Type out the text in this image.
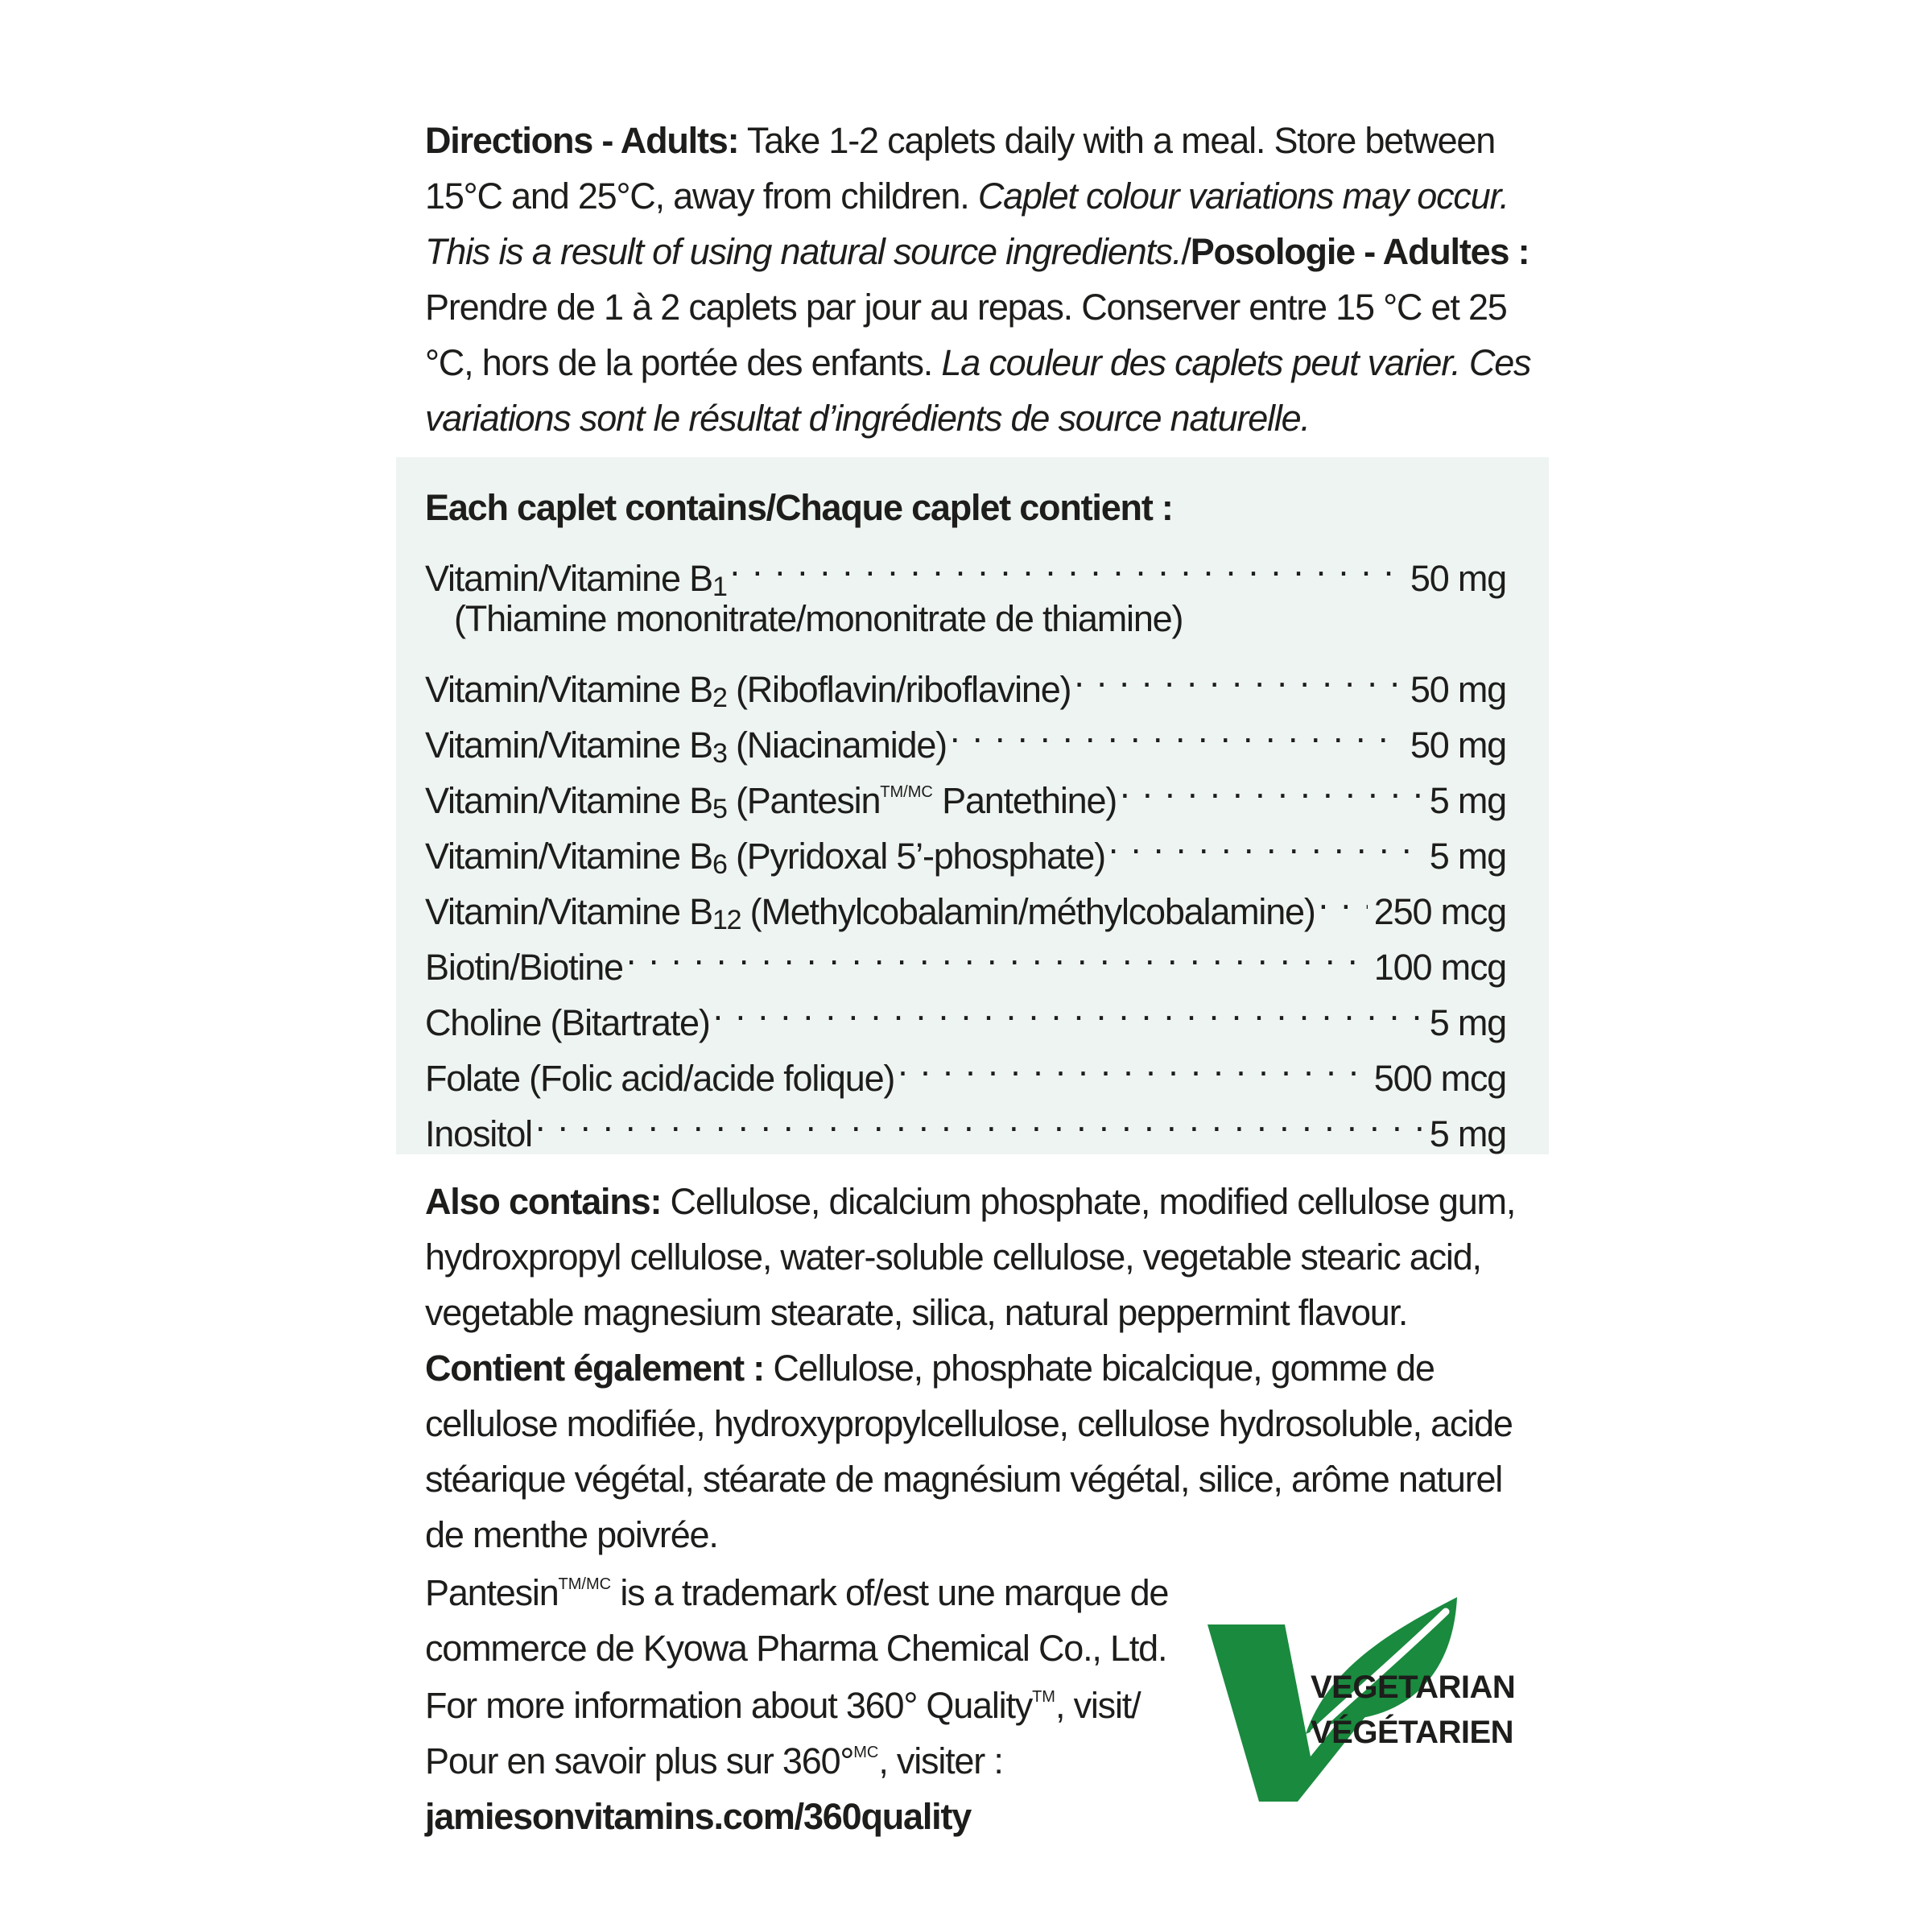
Directions - Adults: Take 1-2 caplets daily with a meal. Store between 15°C and 25°C, away from children. Caplet colour variations may occur. This is a result of using natural source ingredients./Posologie - Adultes : Prendre de 1 à 2 caplets par jour au repas. Conserver entre 15 °C et 25 °C, hors de la portée des enfants. La couleur des caplets peut varier. Ces variations sont le résultat d’ingrédients de source naturelle.

Each caplet contains/Chaque caplet contient :
Vitamin/Vitamine $B_1$ . . .	50 mg
(Thiamine mononitrate/mononitrate de thiamine)
Vitamin/Vitamine $B_2$ (Riboflavin/riboflavine) . . .	50 mg
Vitamin/Vitamine $B_3$ (Niacinamide) . . .	50 mg
Vitamin/Vitamine $B_5$ (Pantesin$^{TM/MC}$ Pantethine) . . .	5 mg
Vitamin/Vitamine $B_6$ (Pyridoxal 5’-phosphate) . . .	5 mg
Vitamin/Vitamine $B_{12}$ (Methylcobalamin/méthylcobalamine) . . . 250 mcg
Biotin/Biotine . . .	100 mcg
Choline (Bitartrate) . . .	5 mg
Folate (Folic acid/acide folique) . . .	500 mcg
Inositol . . .	5 mg

Also contains: Cellulose, dicalcium phosphate, modified cellulose gum, hydroxpropyl cellulose, water-soluble cellulose, vegetable stearic acid, vegetable magnesium stearate, silica, natural peppermint flavour.

Contient également : Cellulose, phosphate bicalcique, gomme de cellulose modifiée, hydroxypropylcellulose, cellulose hydrosoluble, acide stéarique végétal, stéarate de magnésium végétal, silice, arôme naturel de menthe poivrée.

Pantesin$^{TM/MC}$ is a trademark of/est une marque de

commerce de Kyowa Pharma Chemical Co., Ltd.

For more information about 360° Quality™, visit/

Pour en savoir plus sur 360°$^{MC}$, visiter :

jamiesonvitamins.com/360quality

VEGETARIAN
VÉGÉTARIEN
